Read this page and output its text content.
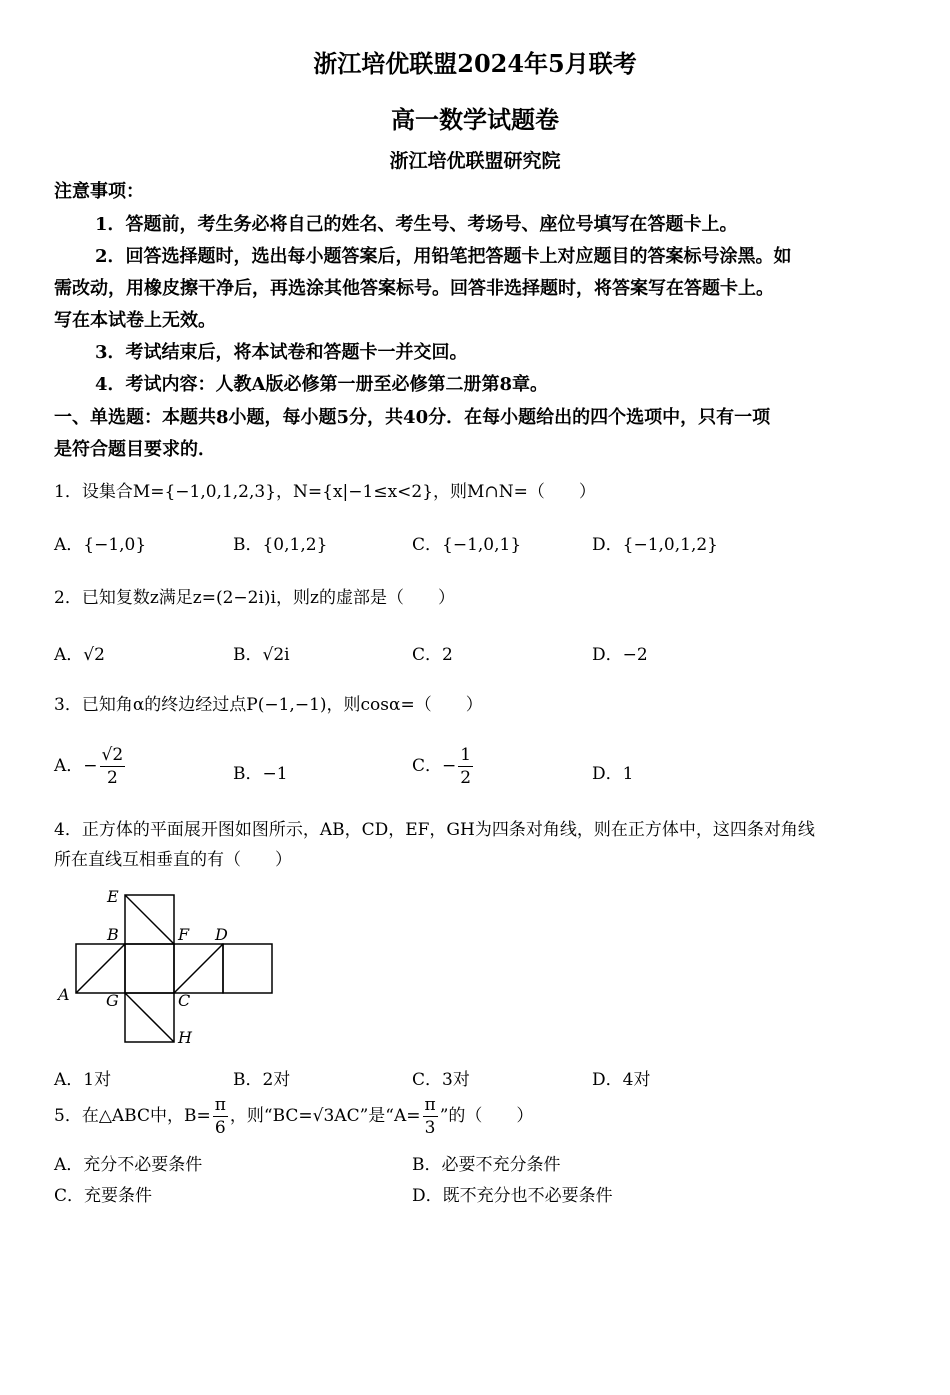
浙江培优联盟2024年5月联考
高一数学试题卷
浙江培优联盟研究院
注意事项：
1．答题前，考生务必将自己的姓名、考生号、考场号、座位号填写在答题卡上。
2．回答选择题时，选出每小题答案后，用铅笔把答题卡上对应题目的答案标号涂黑。如
需改动，用橡皮擦干净后，再选涂其他答案标号。回答非选择题时，将答案写在答题卡上。
写在本试卷上无效。
3．考试结束后，将本试卷和答题卡一并交回。
4．考试内容：人教A版必修第一册至必修第二册第8章。
一、单选题：本题共8小题，每小题5分，共40分．在每小题给出的四个选项中，只有一项
是符合题目要求的．
1．设集合M={−1,0,1,2,3}，N={x|−1≤x<2}，则M∩N=（　　）
A．{−1,0}	B．{0,1,2}	C．{−1,0,1}	D．{−1,0,1,2}
2．已知复数z满足z=(2−2i)i，则z的虚部是（　　）
A．√2	B．√2i	C．2	D．−2
3．已知角α的终边经过点P(−1,−1)，则cosα=（　　）
A．− $\frac{√2}{2}$	B．−1	C．− $\frac{1}{2}$	D．1
4．正方体的平面展开图如图所示，AB，CD，EF，GH为四条对角线，则在正方体中，这四条对角线
所在直线互相垂直的有（　　）
E
B	F D
A G	C
H
A．1对	B．2对	C．3对	D．4对
5．在△ABC中，$B= \frac{\pi}{6}$ ，则“BC=√3AC”是“$A= \frac{\pi}{3}$ ”的（　　）
A．充分不必要条件	B．必要不充分条件
C．充要条件	D．既不充分也不必要条件
